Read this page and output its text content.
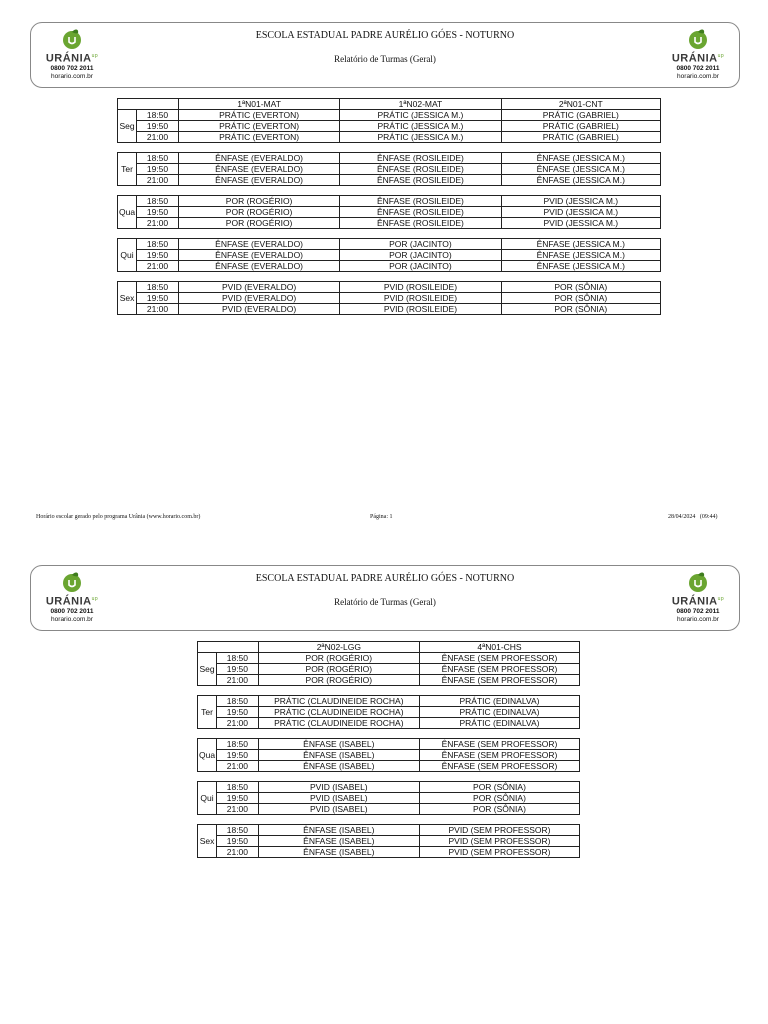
$URÁNIA^{up}$
0800 702 2011
horario.com.br
ESCOLA ESTADUAL PADRE AURÉLIO GÓES - NOTURNO
Relatório de Turmas (Geral)	$URÁNIA^{up}$
0800 702 2011
horario.com.br
		1ªN01-MAT	1ªN02-MAT	2ªN01-CNT
Seg	18:50	PRÁTIC (EVERTON)	PRÁTIC (JESSICA M.)	PRÁTIC (GABRIEL)
	19:50	PRÁTIC (EVERTON)	PRÁTIC (JESSICA M.)	PRÁTIC (GABRIEL)
	21:00	PRÁTIC (EVERTON)	PRÁTIC (JESSICA M.)	PRÁTIC (GABRIEL)

Ter	18:50	ÊNFASE (EVERALDO)	ÊNFASE (ROSILEIDE)	ÊNFASE (JESSICA M.)
	19:50	ÊNFASE (EVERALDO)	ÊNFASE (ROSILEIDE)	ÊNFASE (JESSICA M.)
	21:00	ÊNFASE (EVERALDO)	ÊNFASE (ROSILEIDE)	ÊNFASE (JESSICA M.)

Qua	18:50	POR (ROGÉRIO)	ÊNFASE (ROSILEIDE)	PVID (JESSICA M.)
	19:50	POR (ROGÉRIO)	ÊNFASE (ROSILEIDE)	PVID (JESSICA M.)
	21:00	POR (ROGÉRIO)	ÊNFASE (ROSILEIDE)	PVID (JESSICA M.)

Qui	18:50	ÊNFASE (EVERALDO)	POR (JACINTO)	ÊNFASE (JESSICA M.)
	19:50	ÊNFASE (EVERALDO)	POR (JACINTO)	ÊNFASE (JESSICA M.)
	21:00	ÊNFASE (EVERALDO)	POR (JACINTO)	ÊNFASE (JESSICA M.)

Sex	18:50	PVID (EVERALDO)	PVID (ROSILEIDE)	POR (SÔNIA)
	19:50	PVID (EVERALDO)	PVID (ROSILEIDE)	POR (SÔNIA)
	21:00	PVID (EVERALDO)	PVID (ROSILEIDE)	POR (SÔNIA)
Horário escolar gerado pelo programa Urânia (www.horario.com.br)	Página: 1	28/04/2024 (09:44)
$URÁNIA^{up}$
0800 702 2011
horario.com.br
ESCOLA ESTADUAL PADRE AURÉLIO GÓES - NOTURNO
Relatório de Turmas (Geral)	$URÁNIA^{up}$
0800 702 2011
horario.com.br
		2ªN02-LGG	4ªN01-CHS
Seg	18:50	POR (ROGÉRIO)	ÊNFASE (SEM PROFESSOR)
	19:50	POR (ROGÉRIO)	ÊNFASE (SEM PROFESSOR)
	21:00	POR (ROGÉRIO)	ÊNFASE (SEM PROFESSOR)

Ter	18:50	PRÁTIC (CLAUDINEIDE ROCHA)	PRÁTIC (EDINALVA)
	19:50	PRÁTIC (CLAUDINEIDE ROCHA)	PRÁTIC (EDINALVA)
	21:00	PRÁTIC (CLAUDINEIDE ROCHA)	PRÁTIC (EDINALVA)

Qua	18:50	ÊNFASE (ISABEL)	ÊNFASE (SEM PROFESSOR)
	19:50	ÊNFASE (ISABEL)	ÊNFASE (SEM PROFESSOR)
	21:00	ÊNFASE (ISABEL)	ÊNFASE (SEM PROFESSOR)

Qui	18:50	PVID (ISABEL)	POR (SÔNIA)
	19:50	PVID (ISABEL)	POR (SÔNIA)
	21:00	PVID (ISABEL)	POR (SÔNIA)

Sex	18:50	ÊNFASE (ISABEL)	PVID (SEM PROFESSOR)
	19:50	ÊNFASE (ISABEL)	PVID (SEM PROFESSOR)
	21:00	ÊNFASE (ISABEL)	PVID (SEM PROFESSOR)
